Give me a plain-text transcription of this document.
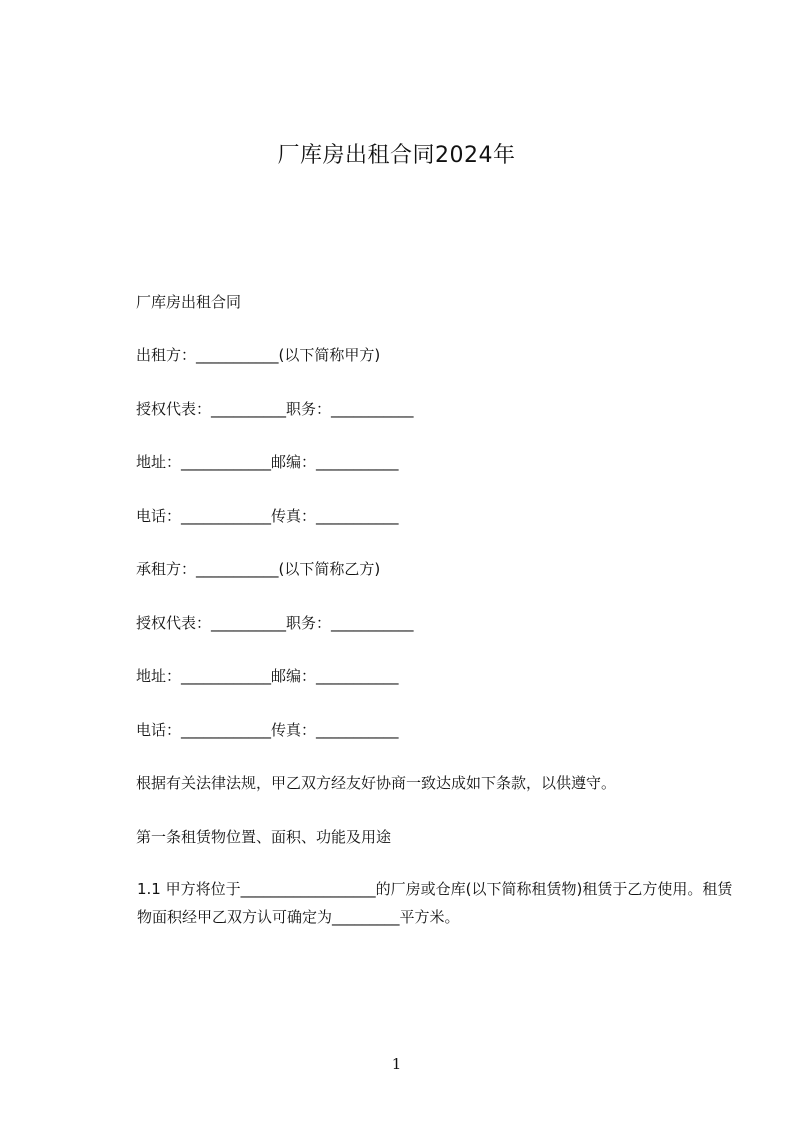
厂库房出租合同2024年
厂库房出租合同
出租方：___________(以下简称甲方)
授权代表：__________职务：___________
地址：____________邮编：___________
电话：____________传真：___________
承租方：___________(以下简称乙方)
授权代表：__________职务：___________
地址：____________邮编：___________
电话：____________传真：___________
根据有关法律法规，甲乙双方经友好协商一致达成如下条款，以供遵守。
第一条租赁物位置、面积、功能及用途
1.1 甲方将位于__________________的厂房或仓库(以下简称租赁物)租赁于乙方使用。租赁物面积经甲乙双方认可确定为_________平方米。
1
